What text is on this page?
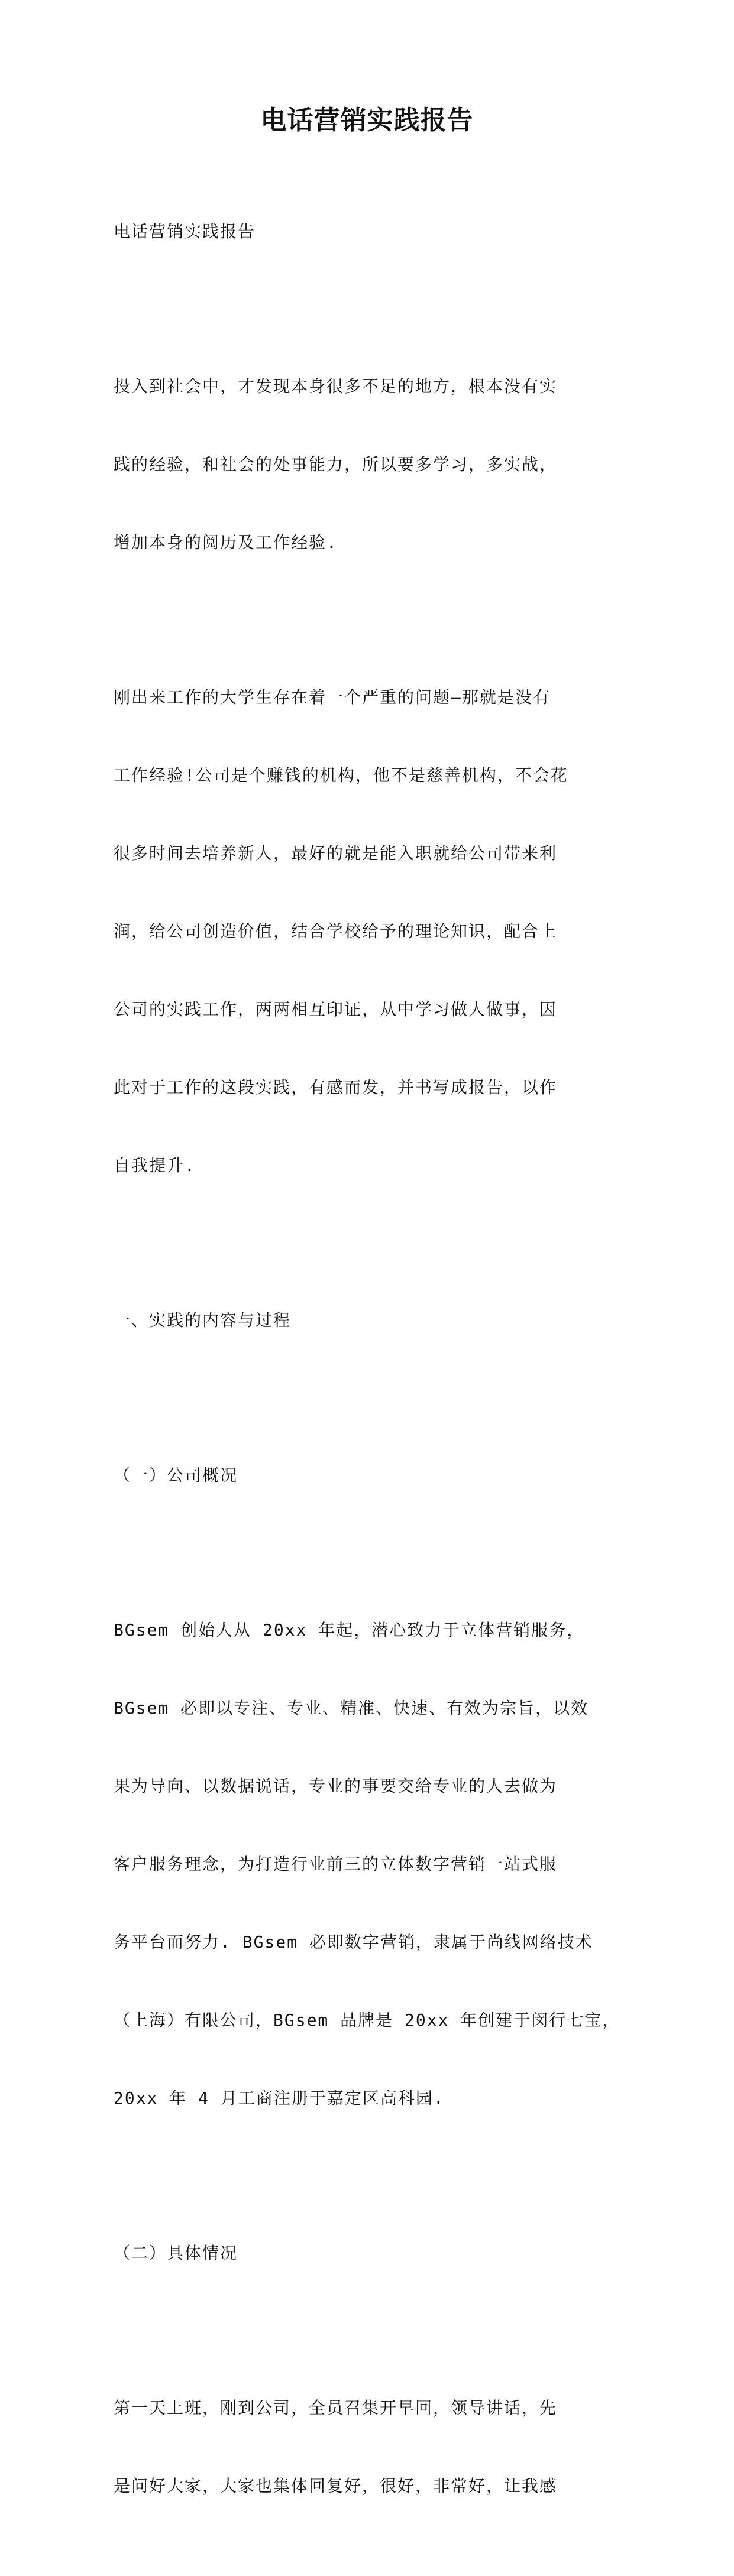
电话营销实践报告

电话营销实践报告

投入到社会中，才发现本身很多不足的地方，根本没有实

践的经验，和社会的处事能力，所以要多学习，多实战，

增加本身的阅历及工作经验.

刚出来工作的大学生存在着一个严重的问题—那就是没有

工作经验!公司是个赚钱的机构，他不是慈善机构，不会花

很多时间去培养新人，最好的就是能入职就给公司带来利

润，给公司创造价值，结合学校给予的理论知识，配合上

公司的实践工作，两两相互印证，从中学习做人做事，因

此对于工作的这段实践，有感而发，并书写成报告，以作

自我提升.

一、实践的内容与过程

（一）公司概况

BGsem 创始人从 20xx 年起，潜心致力于立体营销服务，

BGsem 必即以专注、专业、精准、快速、有效为宗旨，以效

果为导向、以数据说话，专业的事要交给专业的人去做为

客户服务理念，为打造行业前三的立体数字营销一站式服

务平台而努力. BGsem 必即数字营销，隶属于尚线网络技术

（上海）有限公司，BGsem 品牌是 20xx 年创建于闵行七宝，

20xx 年 4 月工商注册于嘉定区高科园.

（二）具体情况

第一天上班，刚到公司，全员召集开早回，领导讲话，先

是问好大家，大家也集体回复好，很好，非常好，让我感
